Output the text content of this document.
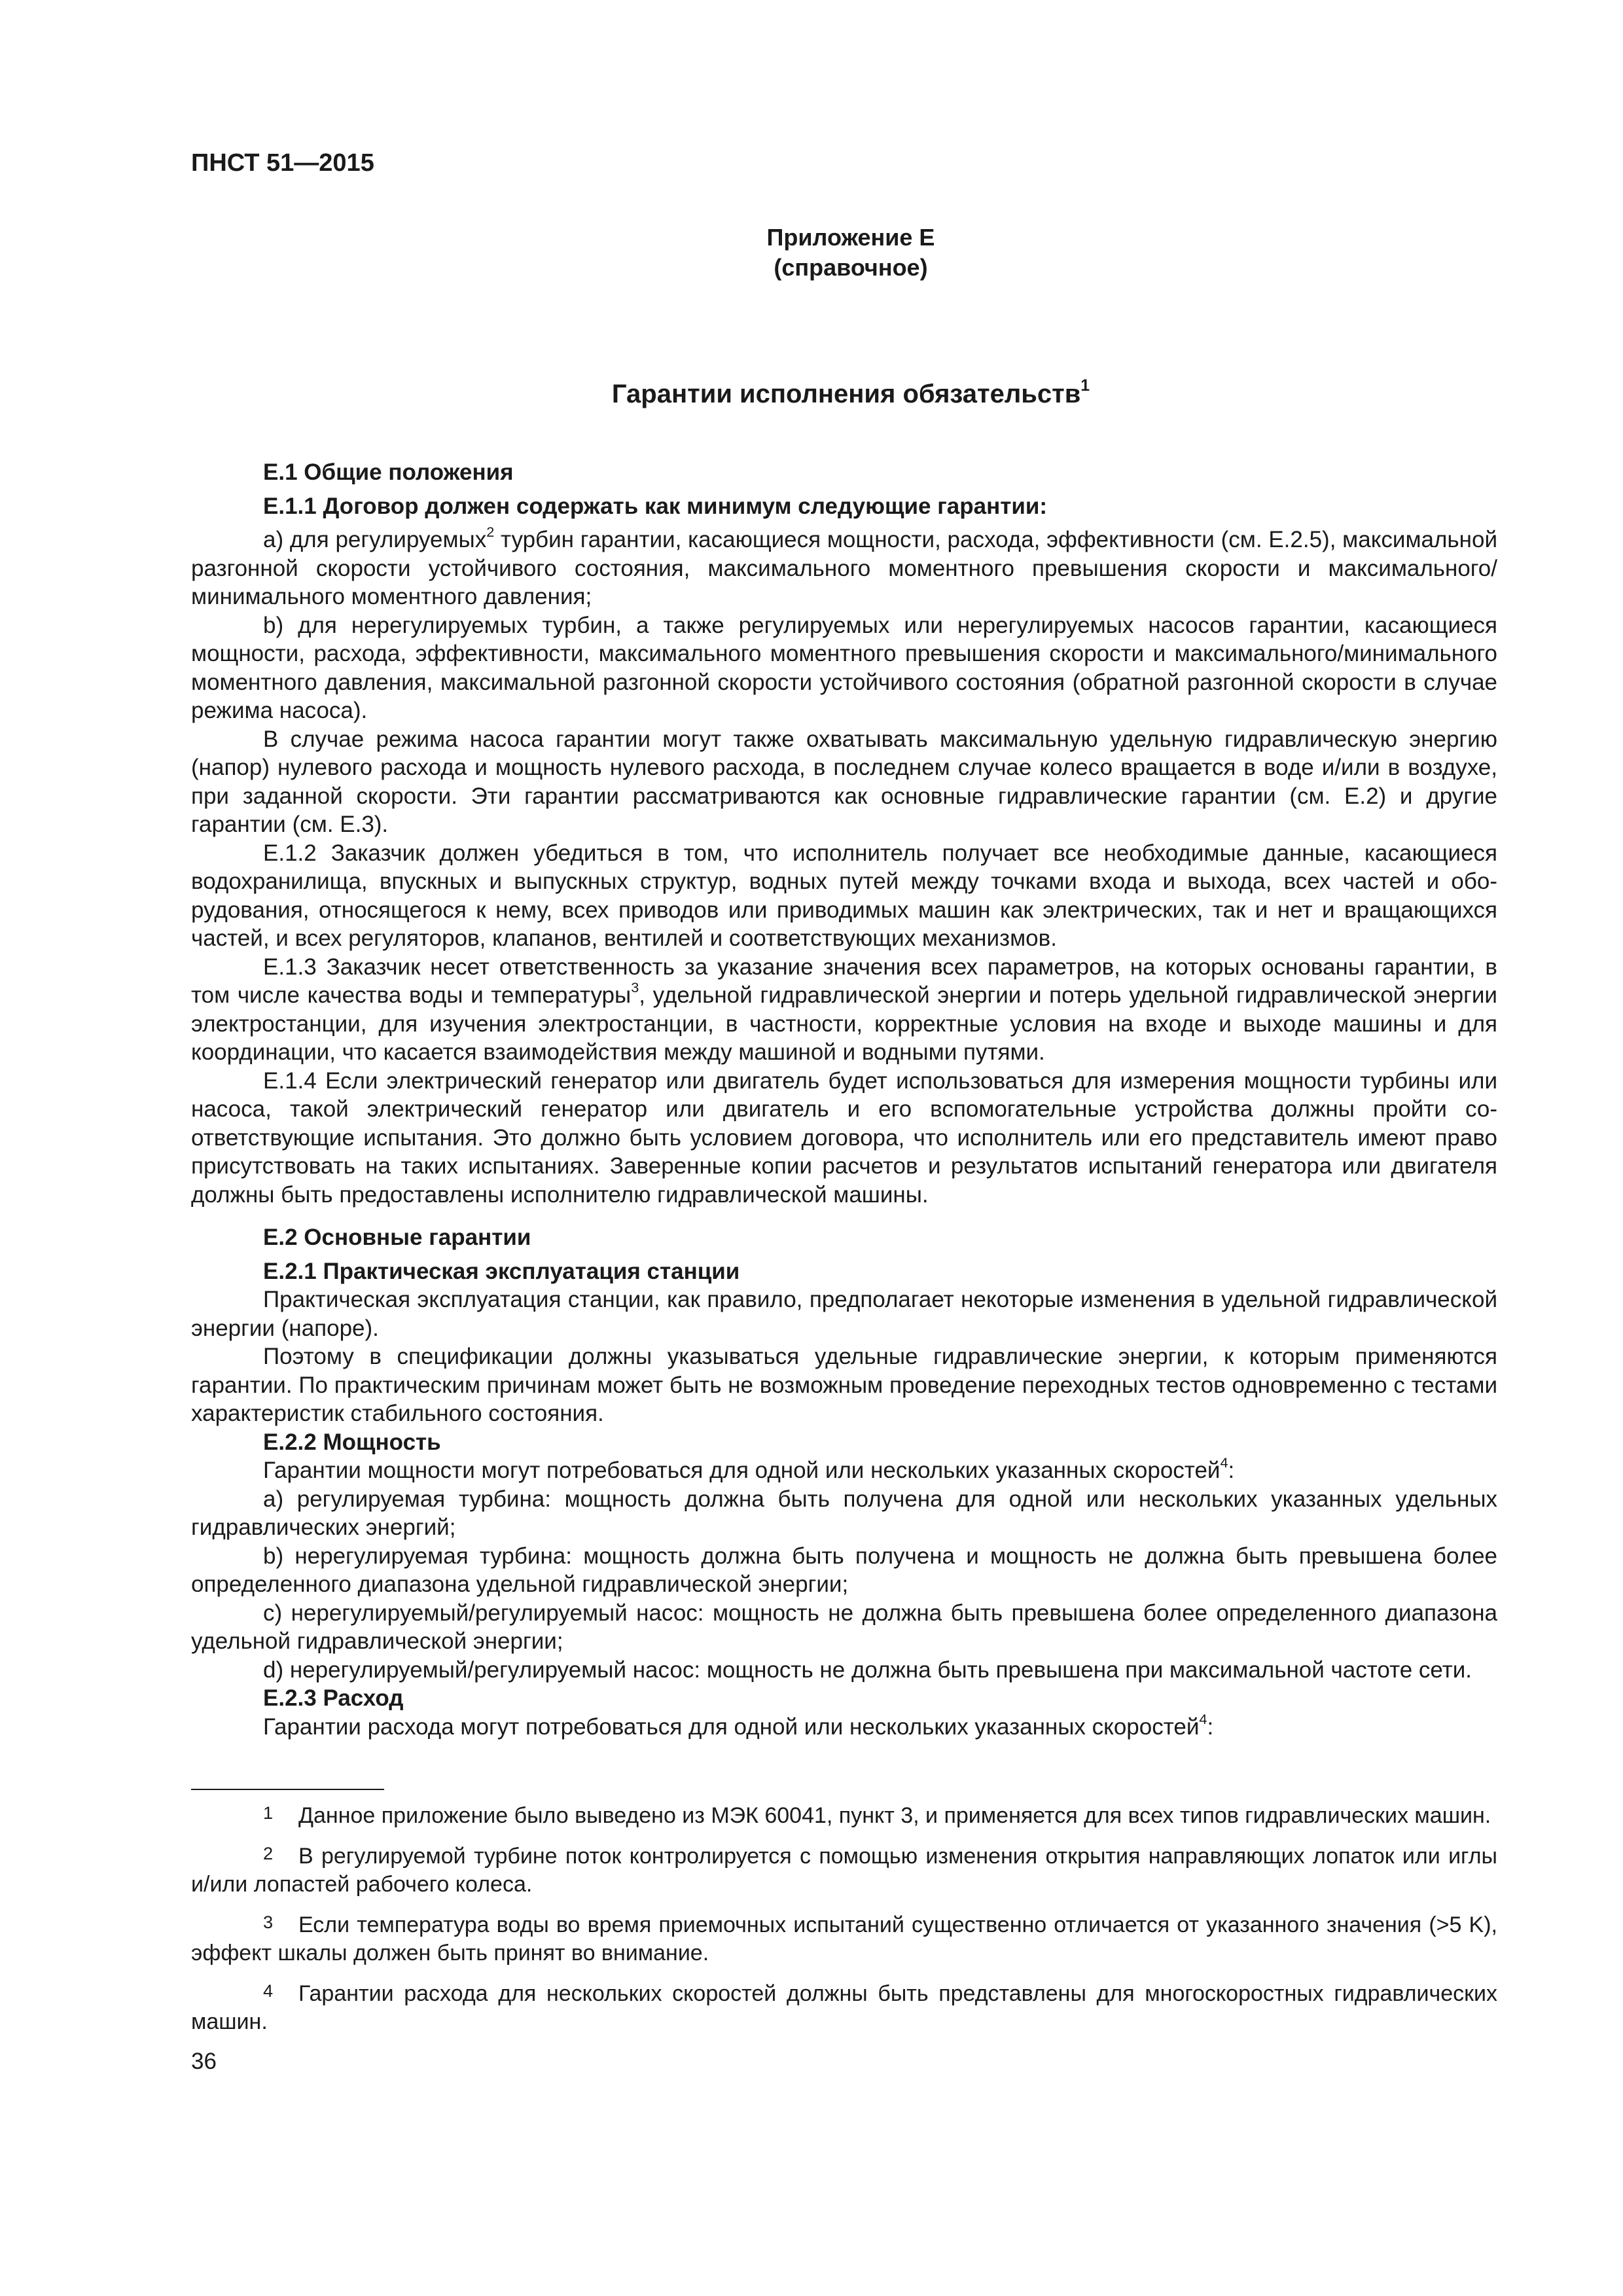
ПНСТ 51—2015
Приложение Е
(справочное)
Гарантии исполнения обязательств$^1$

Е.1 Общие положения

Е.1.1 Договор должен содержать как минимум следующие гарантии:

а) для регулируемых$^2$ турбин гарантии, касающиеся мощности, расхода, эффективности (см. Е.2.5), максимальной разгонной скорости устойчивого состояния, максимального моментного превышения скорости и максимального/минимального моментного давления;

b) для нерегулируемых турбин, а также регулируемых или нерегулируемых насосов гарантии, касающиеся мощности, расхода, эффективности, максимального моментного превышения скорости и максимального/минимального моментного давления, максимальной разгонной скорости устойчивого состояния (обратной разгонной скорости в случае режима насоса).

В случае режима насоса гарантии могут также охватывать максимальную удельную гидравлическую энергию (напор) нулевого расхода и мощность нулевого расхода, в последнем случае колесо вращается в воде и/или в воздухе, при заданной скорости. Эти гарантии рассматриваются как основные гидравлические гарантии (см. Е.2) и другие гарантии (см. Е.3).

Е.1.2 Заказчик должен убедиться в том, что исполнитель получает все необходимые данные, касающиеся водохранилища, впускных и выпускных структур, водных путей между точками входа и выхода, всех частей и оборудования, относящегося к нему, всех приводов или приводимых машин как электрических, так и нет и вращающихся частей, и всех регуляторов, клапанов, вентилей и соответствующих механизмов.

Е.1.3 Заказчик несет ответственность за указание значения всех параметров, на которых основаны гарантии, в том числе качества воды и температуры$^3$, удельной гидравлической энергии и потерь удельной гидравлической энергии электростанции, для изучения электростанции, в частности, корректные условия на входе и выходе машины и для координации, что касается взаимодействия между машиной и водными путями.

Е.1.4 Если электрический генератор или двигатель будет использоваться для измерения мощности турбины или насоса, такой электрический генератор или двигатель и его вспомогательные устройства должны пройти соответствующие испытания. Это должно быть условием договора, что исполнитель или его представитель имеют право присутствовать на таких испытаниях. Заверенные копии расчетов и результатов испытаний генератора или двигателя должны быть предоставлены исполнителю гидравлической машины.

Е.2 Основные гарантии

Е.2.1 Практическая эксплуатация станции

Практическая эксплуатация станции, как правило, предполагает некоторые изменения в удельной гидравлической энергии (напоре).

Поэтому в спецификации должны указываться удельные гидравлические энергии, к которым применяются гарантии. По практическим причинам может быть не возможным проведение переходных тестов одновременно с тестами характеристик стабильного состояния.

Е.2.2 Мощность

Гарантии мощности могут потребоваться для одной или нескольких указанных скоростей$^4$:

а) регулируемая турбина: мощность должна быть получена для одной или нескольких указанных удельных гидравлических энергий;

b) нерегулируемая турбина: мощность должна быть получена и мощность не должна быть превышена более определенного диапазона удельной гидравлической энергии;

с) нерегулируемый/регулируемый насос: мощность не должна быть превышена более определенного диапазона удельной гидравлической энергии;

d) нерегулируемый/регулируемый насос: мощность не должна быть превышена при максимальной частоте сети.

Е.2.3 Расход

Гарантии расхода могут потребоваться для одной или нескольких указанных скоростей$^4$:

1 Данное приложение было выведено из МЭК 60041, пункт 3, и применяется для всех типов гидравлических машин.

2 В регулируемой турбине поток контролируется с помощью изменения открытия направляющих лопаток или иглы и/или лопастей рабочего колеса.

3 Если температура воды во время приемочных испытаний существенно отличается от указанного значения (>5 K), эффект шкалы должен быть принят во внимание.

4 Гарантии расхода для нескольких скоростей должны быть представлены для многоскоростных гидравлических машин.

36
